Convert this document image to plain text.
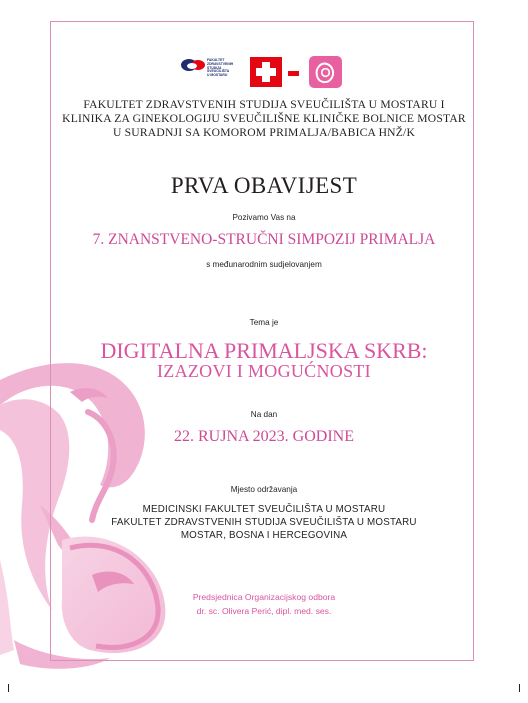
FAKULTET
ZDRAVSTVENIH
STUDIJA
SVEUČILIŠTA
U MOSTARU
FAKULTET ZDRAVSTVENIH STUDIJA SVEUČILIŠTA U MOSTARU I
KLINIKA ZA GINEKOLOGIJU SVEUČILIŠNE KLINIČKE BOLNICE MOSTAR
U SURADNJI SA KOMOROM PRIMALJA/BABICA HNŽ/K
PRVA OBAVIJEST
Pozivamo Vas na
7. ZNANSTVENO-STRUČNI SIMPOZIJ PRIMALJA
s međunarodnim sudjelovanjem
Tema je
DIGITALNA PRIMALJSKA SKRB:
IZAZOVI I MOGUĆNOSTI
Na dan
22. RUJNA 2023. GODINE
Mjesto održavanja
MEDICINSKI FAKULTET SVEUČILIŠTA U MOSTARU
FAKULTET ZDRAVSTVENIH STUDIJA SVEUČILIŠTA U MOSTARU
MOSTAR, BOSNA I HERCEGOVINA
Predsjednica Organizacijskog odbora
dr. sc. Olivera Perić, dipl. med. ses.
